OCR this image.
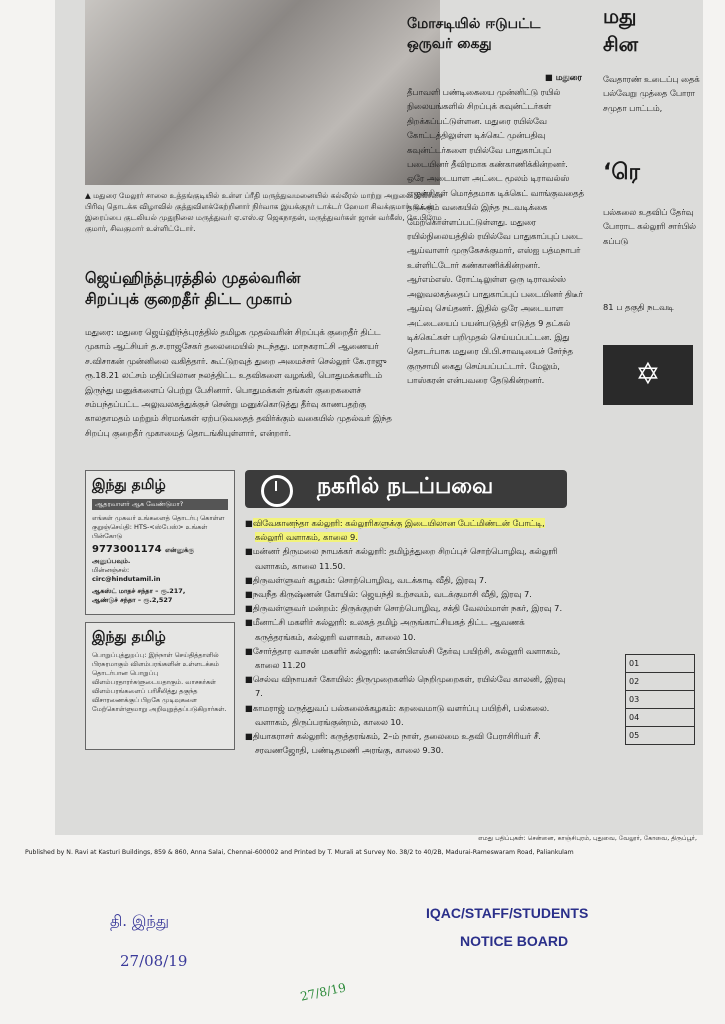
▲ மதுரை மேலூர் சாலை உத்தங்குடியில் உள்ள ப்ரீதி மருத்துவமனையில் கல்லீரல் மாற்று அறுவை சிகிச்சை பிரிவு தொடக்க விழாவில் குத்துவிளக்கேற்றினார் நிர்வாக இயக்குநர் டாக்டர் ஹேமா சிவக்குமார். உடன் இரைப்பை குடலியல் முதுநிலை மருத்துவர் ஏ.எஸ்.ஏ ஜெகநாதன், மருத்துவர்கள் ஜான் வர்கீஸ், கே.பிரேம குமார், சிவகுமார் உள்ளிட்டோர்.
மோசடியில் ஈடுபட்ட
ஒருவர் கைது
■ மதுரை
தீபாவளி பண்டிகையை முன்னிட்டு ரயில் நிலையங்களில் சிறப்புக் கவுன்ட்டர்கள் திறக்கப்பட்டுள்ளன. மதுரை ரயில்வே கோட்டத்திலுள்ள டிக்கெட் முன்பதிவு கவுன்ட்டர்களை ரயில்வே பாதுகாப்புப் படையினர் தீவிரமாக கண்காணிக்கின்றனர். ஒரே அடையாள அட்டை மூலம் டிராவல்ஸ் ஏஜன்சிகள் மொத்தமாக டிக்கெட் வாங்குவதைத் தடுக்கும் வகையில் இந்த நடவடிக்கை மேற்கொள்ளப்பட்டுள்ளது. மதுரை ரயில்நிலையத்தில் ரயில்வே பாதுகாப்புப் படை ஆய்வாளர் முருகேசக்குமார், எஸ்ஐ பத்மநாபர் உள்ளிட்டோர் கண்காணிக்கின்றனர். ஆர்எம்எஸ். ரோட்டிலுள்ள ஒரு டிராவல்ஸ் அலுவலகத்தைப் பாதுகாப்புப் படையினர் திடீர் ஆய்வு செய்தனர். இதில் ஒரே அடையாள அட்டையைப் பயன்படுத்தி எடுத்த 9 தட்கல் டிக்கெட்கள் பறிமுதல் செய்யப்பட்டன. இது தொடர்பாக மதுரை பி.பி.சாவடியைச் சேர்ந்த குருசாமி கைது செய்யப்பட்டார். மேலும், பாஸ்கரன் என்பவரை தேடுகின்றனர்.
ஜெய்ஹிந்த்புரத்தில் முதல்வரின்
சிறப்புக் குறைதீர் திட்ட முகாம்
மதுரை: மதுரை ஜெய்ஹிந்த்புரத்தில் தமிழக முதல்வரின் சிறப்புக் குறைதீர் திட்ட முகாம் ஆட்சியர் த.ச.ராஜசேகர் தலைமையில் நடந்தது. மாநகராட்சி ஆணையர் ச.விசாகன் முன்னிலை வகித்தார். கூட்டுறவுத் துறை அமைச்சர் செல்லூர் கே.ராஜு ரூ.18.21 லட்சம் மதிப்பிலான நலத்திட்ட உதவிகளை வழங்கி, பொதுமக்களிடம் இருந்து மனுக்களைப் பெற்று பேசினார். பொதுமக்கள் தங்கள் குறைகளைச் சம்பந்தப்பட்ட அலுவலகத்துக்குச் சென்று மனுக்கொடுத்து தீர்வு காணபதற்கு காலதாமதம் மற்றும் சிரமங்கள் ஏற்படுவதைத் தவிர்க்கும் வகையில் முதல்வர் இந்த சிறப்பு குறைதீர் முகாமைத் தொடங்கியுள்ளார், என்றார்.
இந்து தமிழ்
ஆதரவாளர் ஆக வேண்டுமா?
எங்கள் முகவர் உங்களைத் தொடர்பு கொள்ள குறுஞ்செய்தி: HTS-<ஸ்பேஸ்> உங்கள் பின்கோடு
9773001174 என்னுக்கு அனுப்பவும்.
மின்னஞ்சல்:
circ@hindutamil.in
ஆகஸ்ட் மாதச் சந்தா – ரூ.217,
ஆண்டுச் சந்தா – ரூ.2,527
இந்து தமிழ்
பொறுப்புத்துறப்பு: இந்நாள் செய்தித்தாளில் பிரசுரமாகும் விளம்பரங்களின் உள்ளடக்கம் தொடர்பான பொறுப்பு விளம்பரதாரர்களுடையதாகும். வாசகர்கள் விளம்பரங்களைப் பரிசீலித்து தகுந்த விசாரணைக்குப் பிறகே முடிவுகளை மேற்கொள்ளுமாறு அறிவுறுத்தப்படுகிறார்கள்.
நகரில் நடப்பவை

■ விவேகானந்தா கல்லூரி: கல்லூரிகளுக்கு இடையிலான பேட்மிண்டன் போட்டி, கல்லூரி வளாகம், காலை 9.

■ மன்னர் திருமலை நாயக்கர் கல்லூரி: தமிழ்த்துறை சிறப்புச் சொற்பொழிவு, கல்லூரி வளாகம், காலை 11.50.

■ திருவள்ளுவர் கழகம்: சொற்பொழிவு, வடக்காடி வீதி, இரவு 7.

■ நவநீத கிருஷ்ணன் கோயில்: ஜெயந்தி உற்சவம், வடக்குமாசி வீதி, இரவு 7.

■ திருவள்ளுவர் மன்றம்: திருக்குறள் சொற்பொழிவு, சக்தி வேலம்மாள் நகர், இரவு 7.

■ மீனாட்சி மகளிர் கல்லூரி: உலகத் தமிழ் அருங்காட்சியகத் திட்ட ஆவணக் கருத்தரங்கம், கல்லூரி வளாகம், காலை 10.

■ சோர்த்தார வாசன் மகளிர் கல்லூரி: டீஎன்பிஎஸ்சி தேர்வு பயிற்சி, கல்லூரி வளாகம், காலை 11.20

■ செல்வ விநாயகர் கோயில்: திருமுறைகளில் நெறிமுறைகள், ரயில்வே காலனி, இரவு 7.

■ காமராஜ் மருத்துவப் பல்கலைக்கழகம்: கறவைமாடு வளர்ப்பு பயிற்சி, பல்கலை. வளாகம், திருப்பரங்குன்றம், காலை 10.

■ தியாகராசர் கல்லூரி: கருத்தரங்கம், 2–ம் நாள், தலைமை உதவி பேராசிரியர் சீ. சரவணஜோதி, பண்டிதமணி அரங்கு, காலை 9.30.

மது
சின
வேதாரண் உடைப்பு தைக் பல்வேறு முத்தை போரா சமுதா பாட்டம்,
‘ரெ
பல்கலை உதவிப் தேர்வு போராட கல்லூரி சார்பில் கப்படு
81 ப தகுதி நடவடி
✡
01
02
03
04
05
எமது பதிப்புகள்: சென்னை, காஞ்சிபுரம், புதுவை, வேலூர், கோவை, திருப்பூர்,
Published by N. Ravi at Kasturi Buildings, 859 & 860, Anna Salai, Chennai-600002 and Printed by T. Murali at Survey No. 38/2 to 40/2B, Madurai-Rameswaram Road, Paliankulam
தி. இந்து
27/08/19
IQAC/STAFF/STUDENTS
NOTICE BOARD
27/8/19
